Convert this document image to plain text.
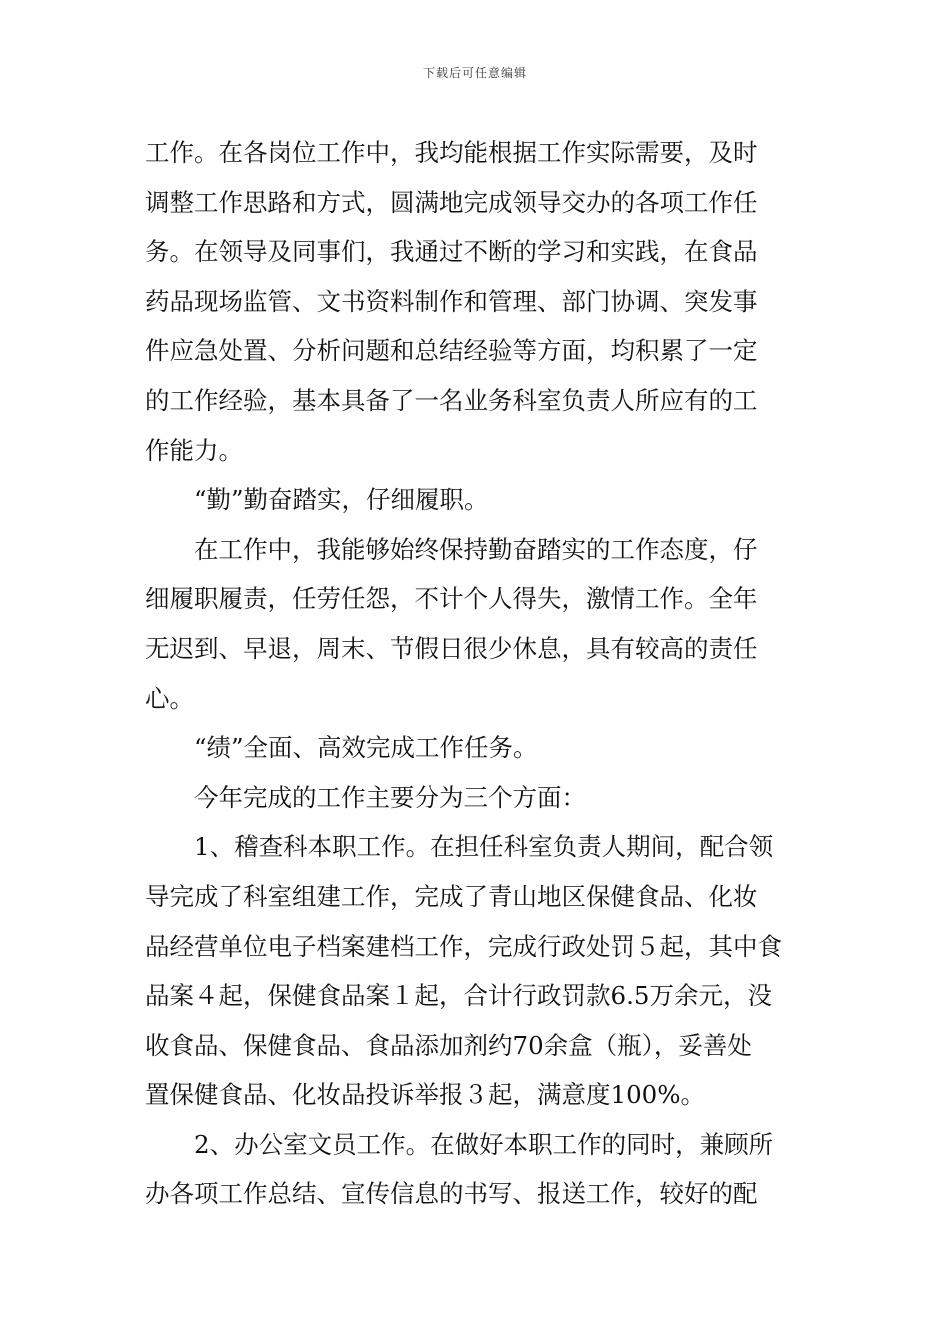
下载后可任意编辑

工作。在各岗位工作中，我均能根据工作实际需要，及时
调整工作思路和方式，圆满地完成领导交办的各项工作任
务。在领导及同事们，我通过不断的学习和实践，在食品
药品现场监管、文书资料制作和管理、部门协调、突发事
件应急处置、分析问题和总结经验等方面，均积累了一定
的工作经验，基本具备了一名业务科室负责人所应有的工
作能力。

“勤”勤奋踏实，仔细履职。

在工作中，我能够始终保持勤奋踏实的工作态度，仔
细履职履责，任劳任怨，不计个人得失，激情工作。全年
无迟到、早退，周末、节假日很少休息，具有较高的责任
心。

“绩”全面、高效完成工作任务。

今年完成的工作主要分为三个方面：

1、稽查科本职工作。在担任科室负责人期间，配合领
导完成了科室组建工作，完成了青山地区保健食品、化妆
品经营单位电子档案建档工作，完成行政处罚５起，其中食
品案４起，保健食品案１起，合计行政罚款6.5万余元，没
收食品、保健食品、食品添加剂约70余盒（瓶），妥善处
置保健食品、化妆品投诉举报３起，满意度100%。

2、办公室文员工作。在做好本职工作的同时，兼顾所
办各项工作总结、宣传信息的书写、报送工作，较好的配
